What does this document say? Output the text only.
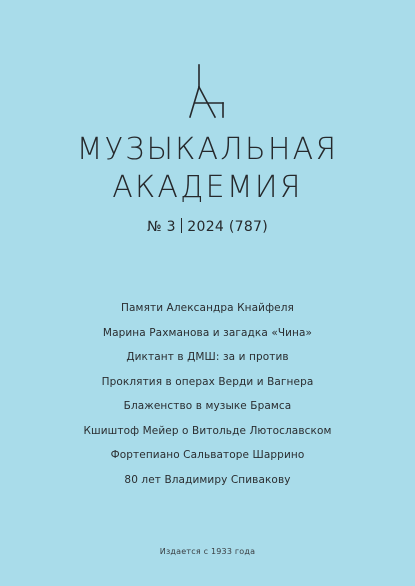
МУЗЫКАЛЬНАЯ
АКАДЕМИЯ
№ 3 2024 (787)
Памяти Александра Кнайфеля
Марина Рахманова и загадка «Чина»
Диктант в ДМШ: за и против
Проклятия в операх Верди и Вагнера
Блаженство в музыке Брамса
Кшиштоф Мейер о Витольде Лютославском
Фортепиано Сальваторе Шаррино
80 лет Владимиру Спивакову
Издается с 1933 года
